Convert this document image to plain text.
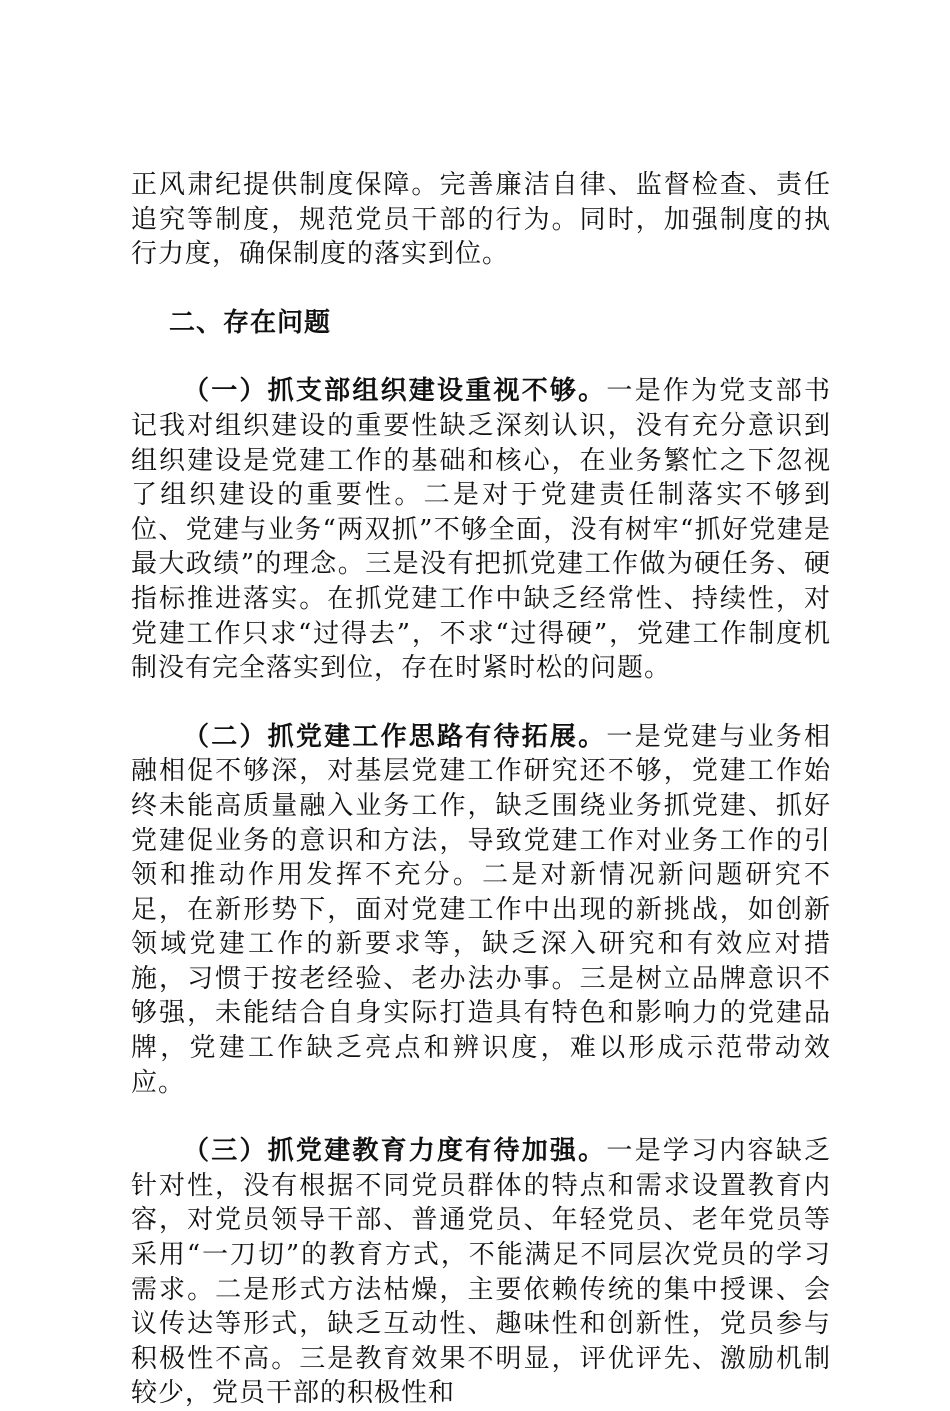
正风肃纪提供制度保障。完善廉洁自律、监督检查、责任追究等制度，规范党员干部的行为。同时，加强制度的执行力度，确保制度的落实到位。

二、存在问题

（一）抓支部组织建设重视不够。一是作为党支部书记我对组织建设的重要性缺乏深刻认识，没有充分意识到组织建设是党建工作的基础和核心，在业务繁忙之下忽视了组织建设的重要性。二是对于党建责任制落实不够到位、党建与业务“两双抓”不够全面，没有树牢“抓好党建是最大政绩”的理念。三是没有把抓党建工作做为硬任务、硬指标推进落实。在抓党建工作中缺乏经常性、持续性，对党建工作只求“过得去”，不求“过得硬”，党建工作制度机制没有完全落实到位，存在时紧时松的问题。

（二）抓党建工作思路有待拓展。一是党建与业务相融相促不够深，对基层党建工作研究还不够，党建工作始终未能高质量融入业务工作，缺乏围绕业务抓党建、抓好党建促业务的意识和方法，导致党建工作对业务工作的引领和推动作用发挥不充分。二是对新情况新问题研究不足，在新形势下，面对党建工作中出现的新挑战，如创新领域党建工作的新要求等，缺乏深入研究和有效应对措施，习惯于按老经验、老办法办事。三是树立品牌意识不够强，未能结合自身实际打造具有特色和影响力的党建品牌，党建工作缺乏亮点和辨识度，难以形成示范带动效应。

（三）抓党建教育力度有待加强。一是学习内容缺乏针对性，没有根据不同党员群体的特点和需求设置教育内容，对党员领导干部、普通党员、年轻党员、老年党员等采用“一刀切”的教育方式，不能满足不同层次党员的学习需求。二是形式方法枯燥，主要依赖传统的集中授课、会议传达等形式，缺乏互动性、趣味性和创新性，党员参与积极性不高。三是教育效果不明显，评优评先、激励机制较少，党员干部的积极性和
